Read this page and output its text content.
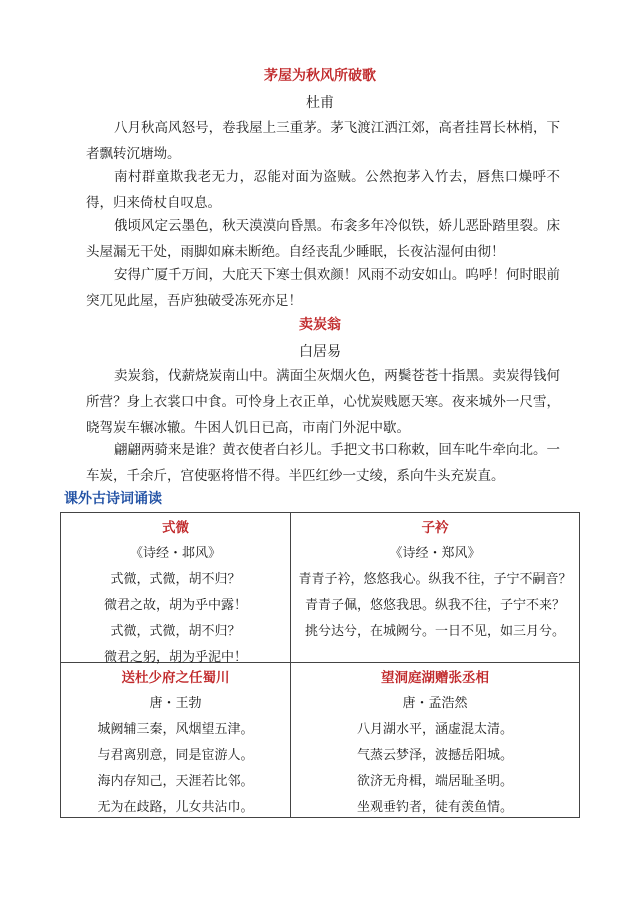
茅屋为秋风所破歌
杜甫

八月秋高风怒号，卷我屋上三重茅。茅飞渡江洒江郊，高者挂罥长林梢，下者飘转沉塘坳。

南村群童欺我老无力，忍能对面为盗贼。公然抱茅入竹去，唇焦口燥呼不得，归来倚杖自叹息。

俄顷风定云墨色，秋天漠漠向昏黑。布衾多年冷似铁，娇儿恶卧踏里裂。床头屋漏无干处，雨脚如麻未断绝。自经丧乱少睡眠，长夜沾湿何由彻！

安得广厦千万间，大庇天下寒士俱欢颜！风雨不动安如山。呜呼！何时眼前突兀见此屋，吾庐独破受冻死亦足！

卖炭翁
白居易

卖炭翁，伐薪烧炭南山中。满面尘灰烟火色，两鬓苍苍十指黑。卖炭得钱何所营？身上衣裳口中食。可怜身上衣正单，心忧炭贱愿天寒。夜来城外一尺雪，晓驾炭车辗冰辙。牛困人饥日已高，市南门外泥中歇。

翩翩两骑来是谁？黄衣使者白衫儿。手把文书口称敕，回车叱牛牵向北。一车炭，千余斤，宫使驱将惜不得。半匹红纱一丈绫，系向牛头充炭直。

课外古诗词诵读
式微
《诗经・邶风》
式微，式微，胡不归？
微君之故，胡为乎中露！
式微，式微，胡不归？
微君之躬，胡为乎泥中！
子衿
《诗经・郑风》
青青子衿，悠悠我心。纵我不往，子宁不嗣音？
青青子佩，悠悠我思。纵我不往，子宁不来？
挑兮达兮，在城阙兮。一日不见，如三月兮。
送杜少府之任蜀川
唐・王勃
城阙辅三秦，风烟望五津。
与君离别意，同是宦游人。
海内存知己，天涯若比邻。
无为在歧路，儿女共沾巾。
望洞庭湖赠张丞相
唐・孟浩然
八月湖水平，涵虚混太清。
气蒸云梦泽，波撼岳阳城。
欲济无舟楫，端居耻圣明。
坐观垂钓者，徒有羡鱼情。
